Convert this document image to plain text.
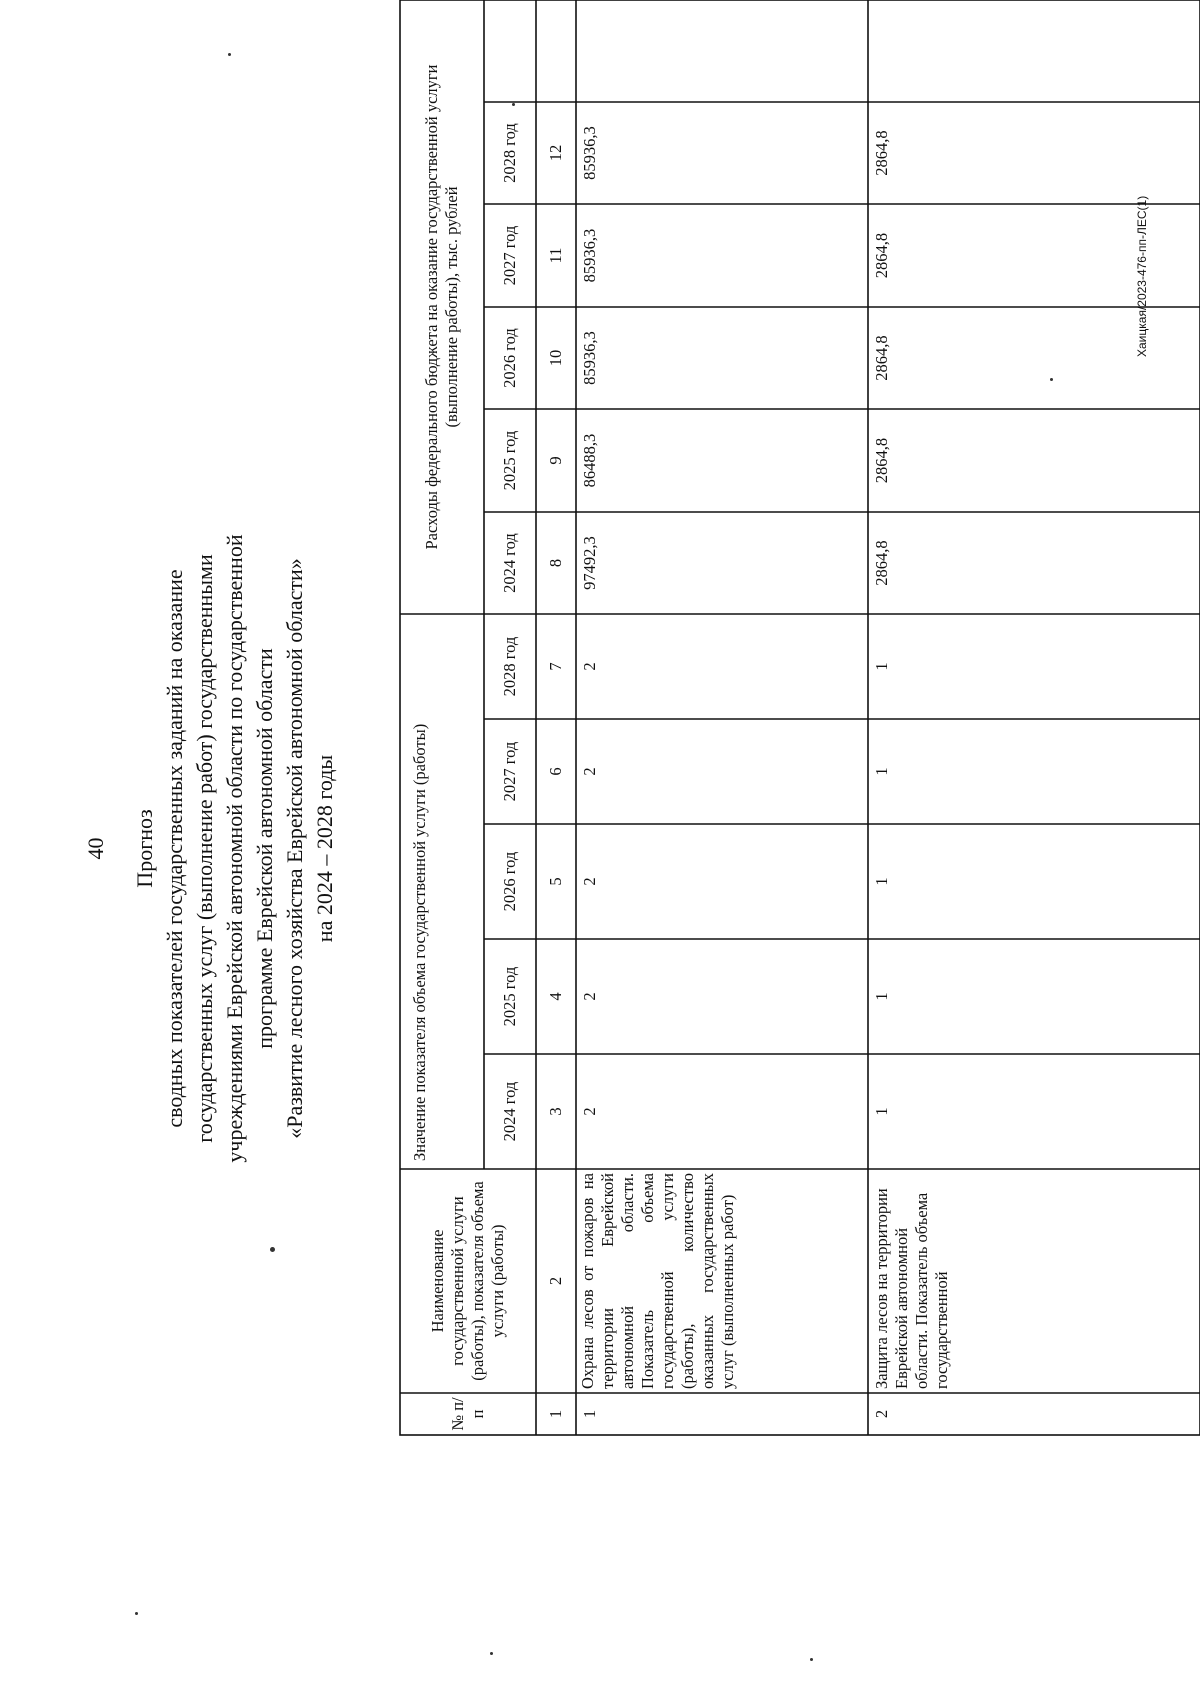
40 Прогноз сводных показателей государственных заданий на оказание государственных услуг (выполнение работ) государственными учреждениями Еврейской автономной области по государственной программе Еврейской автономной области «Развитие лесного хозяйства Еврейской автономной области» на 2024 – 2028 годы
№ п/п
Наименование государственной услуги (работы), показателя объема услуги (работы)
Значение показателя объема государственной услуги (работы)
Расходы федерального бюджета на оказание государственной услуги (выполнение работы), тыс. рублей
2024 год
2025 год
2026 год
2027 год
2028 год
2024 год
2025 год
2026 год
2027 год
2028 год
1
2
3
4
5
6
7
8
9
10
11
12
1
Охрана лесов от пожаров на территории Еврейской автономной области. Показатель объема государственной услуги (работы), количество оказанных государственных услуг (выполненных работ)
2
2
2
2
2
97492,3
86488,3
85936,3
85936,3
85936,3
2
Защита лесов на территории Еврейской автономной области. Показатель объема государственной
1
1
1
1
1
2864,8
2864,8
2864,8
2864,8
2864,8
Хаицкая/2023-476-пп-ЛЕС(1)
